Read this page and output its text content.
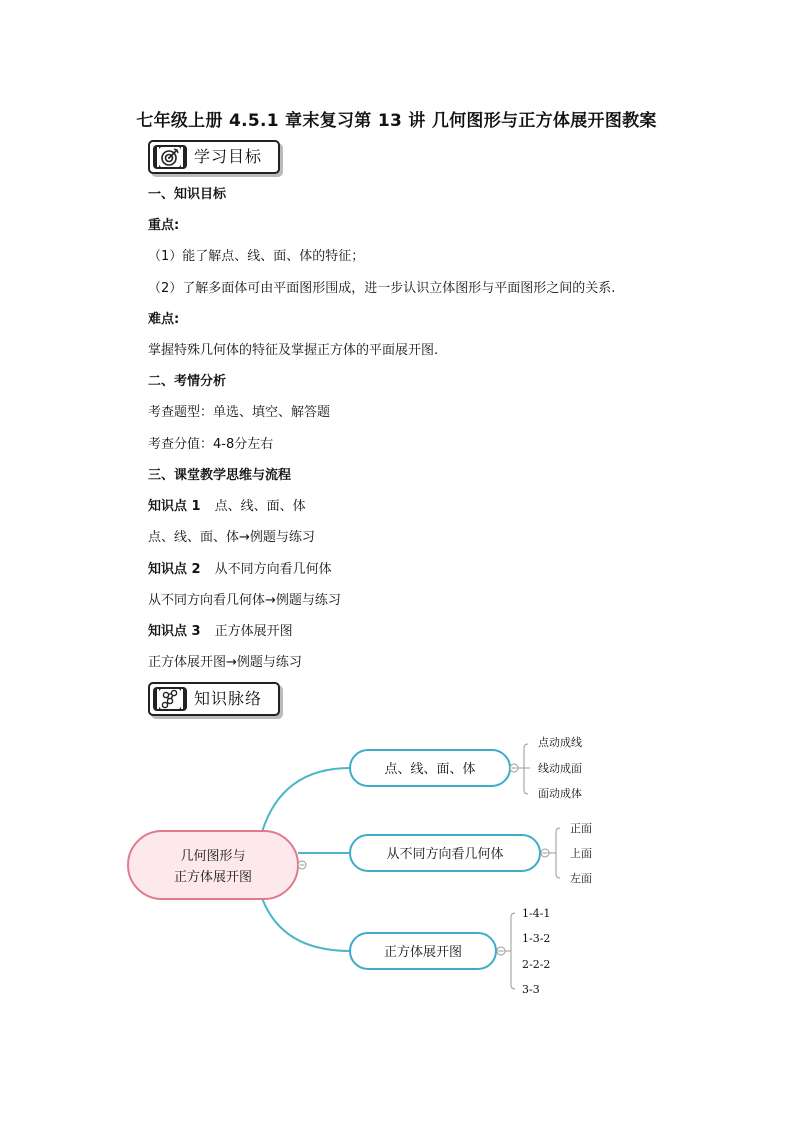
七年级上册 4.5.1 章末复习第 13 讲 几何图形与正方体展开图教案
学习目标
一、知识目标
重点:
（1）能了解点、线、面、体的特征；
（2）了解多面体可由平面图形围成，进一步认识立体图形与平面图形之间的关系.
难点:
掌握特殊几何体的特征及掌握正方体的平面展开图.
二、考情分析
考查题型：单选、填空、解答题
考查分值：4-8分左右
三、课堂教学思维与流程
知识点 1 点、线、面、体
点、线、面、体→例题与练习
知识点 2 从不同方向看几何体
从不同方向看几何体→例题与练习
知识点 3 正方体展开图
正方体展开图→例题与练习
知识脉络
几何图形与
正方体展开图
点、线、面、体
点动成线
线动成面
面动成体
从不同方向看几何体
正面
上面
左面
正方体展开图
1-4-1
1-3-2
2-2-2
3-3
